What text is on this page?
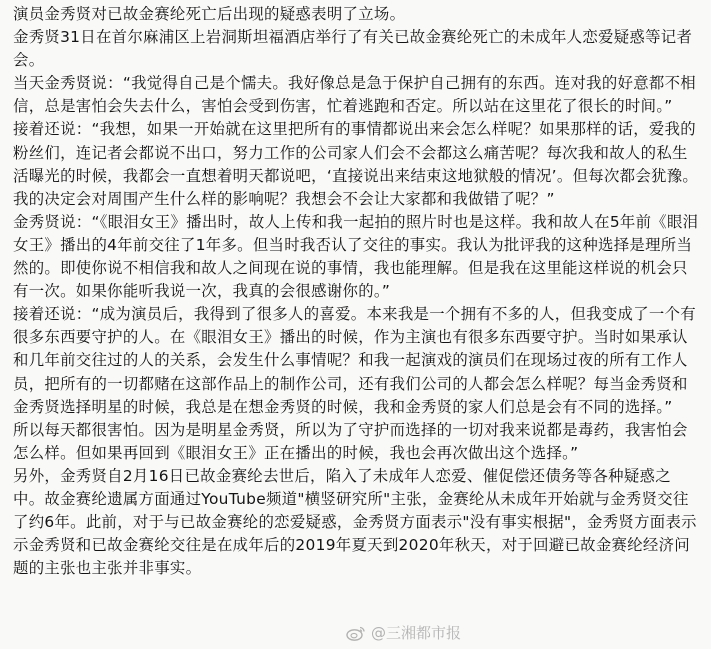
演员金秀贤对已故金赛纶死亡后出现的疑惑表明了立场。

金秀贤31日在首尔麻浦区上岩洞斯坦福酒店举行了有关已故金赛纶死亡的未成年人恋爱疑惑等记者会。

当天金秀贤说：“我觉得自己是个懦夫。我好像总是急于保护自己拥有的东西。连对我的好意都不相信，总是害怕会失去什么，害怕会受到伤害，忙着逃跑和否定。所以站在这里花了很长的时间。”

接着还说：“我想，如果一开始就在这里把所有的事情都说出来会怎么样呢？如果那样的话，爱我的粉丝们，连记者会都说不出口，努力工作的公司家人们会不会都这么痛苦呢？每次我和故人的私生活曝光的时候，我都会一直想着明天都说吧，‘直接说出来结束这地狱般的情况’。但每次都会犹豫。我的决定会对周围产生什么样的影响呢？我想会不会让大家都和我做错了呢？”

金秀贤说：“《眼泪女王》播出时，故人上传和我一起拍的照片时也是这样。我和故人在5年前《眼泪女王》播出的4年前交往了1年多。但当时我否认了交往的事实。我认为批评我的这种选择是理所当然的。即使你说不相信我和故人之间现在说的事情，我也能理解。但是我在这里能这样说的机会只有一次。如果你能听我说一次，我真的会很感谢你的。”

接着还说：“成为演员后，我得到了很多人的喜爱。本来我是一个拥有不多的人，但我变成了一个有很多东西要守护的人。在《眼泪女王》播出的时候，作为主演也有很多东西要守护。当时如果承认和几年前交往过的人的关系，会发生什么事情呢？和我一起演戏的演员们在现场过夜的所有工作人员，把所有的一切都赌在这部作品上的制作公司，还有我们公司的人都会怎么样呢？每当金秀贤和金秀贤选择明星的时候，我总是在想金秀贤的时候，我和金秀贤的家人们总是会有不同的选择。”

所以每天都很害怕。因为是明星金秀贤，所以为了守护而选择的一切对我来说都是毒药，我害怕会怎么样。但如果再回到《眼泪女王》正在播出的时候，我也会再次做出这个选择。”

另外，金秀贤自2月16日已故金赛纶去世后，陷入了未成年人恋爱、催促偿还债务等各种疑惑之中。故金赛纶遗属方面通过YouTube频道"横竖研究所"主张，金赛纶从未成年开始就与金秀贤交往了约6年。此前，对于与已故金赛纶的恋爱疑惑，金秀贤方面表示"没有事实根据"，金秀贤方面表示示金秀贤和已故金赛纶交往是在成年后的2019年夏天到2020年秋天，对于回避已故金赛纶经济问题的主张也主张并非事实。

@三湘都市报
